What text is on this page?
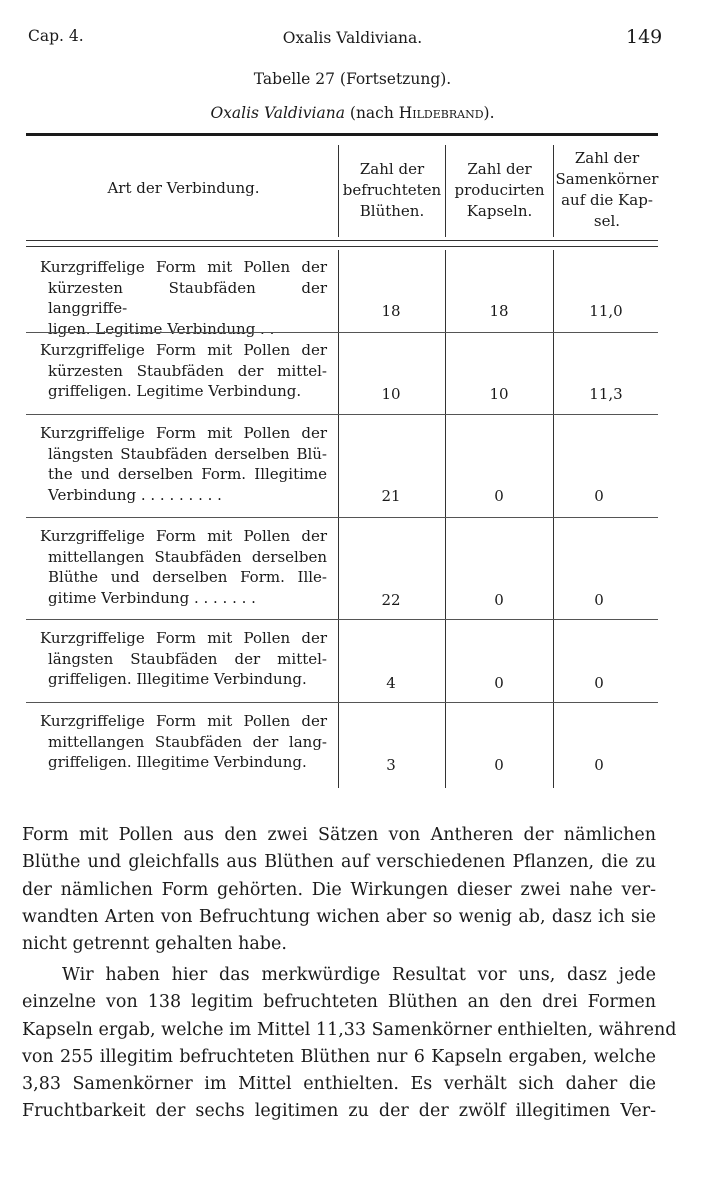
Cap. 4.	Oxalis Valdiviana.	149
Tabelle 27 (Fortsetzung).
Oxalis Valdiviana (nach Hildebrand).
Art der Verbindung.
Zahl der
befruchteten
Blüthen.
Zahl der
producirten
Kapseln.
Zahl der
Samenkörner
auf die Kap-
sel.
Kurzgriffelige Form mit Pollen der
kürzesten Staubfäden der langgriffe-
ligen. Legitime Verbindung . .
18	18	11,0
Kurzgriffelige Form mit Pollen der
kürzesten Staubfäden der mittel-
griffeligen. Legitime Verbindung.	10	10	11,3
Kurzgriffelige Form mit Pollen der
längsten Staubfäden derselben Blü-
the und derselben Form. Illegitime
Verbindung . . . . . . . . .	21	0	0
Kurzgriffelige Form mit Pollen der
mittellangen Staubfäden derselben
Blüthe und derselben Form. Ille-
gitime Verbindung . . . . . . .	22	0	0
Kurzgriffelige Form mit Pollen der
längsten Staubfäden der mittel-
griffeligen. Illegitime Verbindung.	4	0	0
Kurzgriffelige Form mit Pollen der
mittellangen Staubfäden der lang-
griffeligen. Illegitime Verbindung.	3	0	0
Form mit Pollen aus den zwei Sätzen von Antheren der nämlichen
Blüthe und gleichfalls aus Blüthen auf verschiedenen Pflanzen, die zu
der nämlichen Form gehörten. Die Wirkungen dieser zwei nahe ver-
wandten Arten von Befruchtung wichen aber so wenig ab, dasz ich sie
nicht getrennt gehalten habe.
Wir haben hier das merkwürdige Resultat vor uns, dasz jede
einzelne von 138 legitim befruchteten Blüthen an den drei Formen
Kapseln ergab, welche im Mittel 11,33 Samenkörner enthielten, während
von 255 illegitim befruchteten Blüthen nur 6 Kapseln ergaben, welche
3,83 Samenkörner im Mittel enthielten. Es verhält sich daher die
Fruchtbarkeit der sechs legitimen zu der der zwölf illegitimen Ver-
